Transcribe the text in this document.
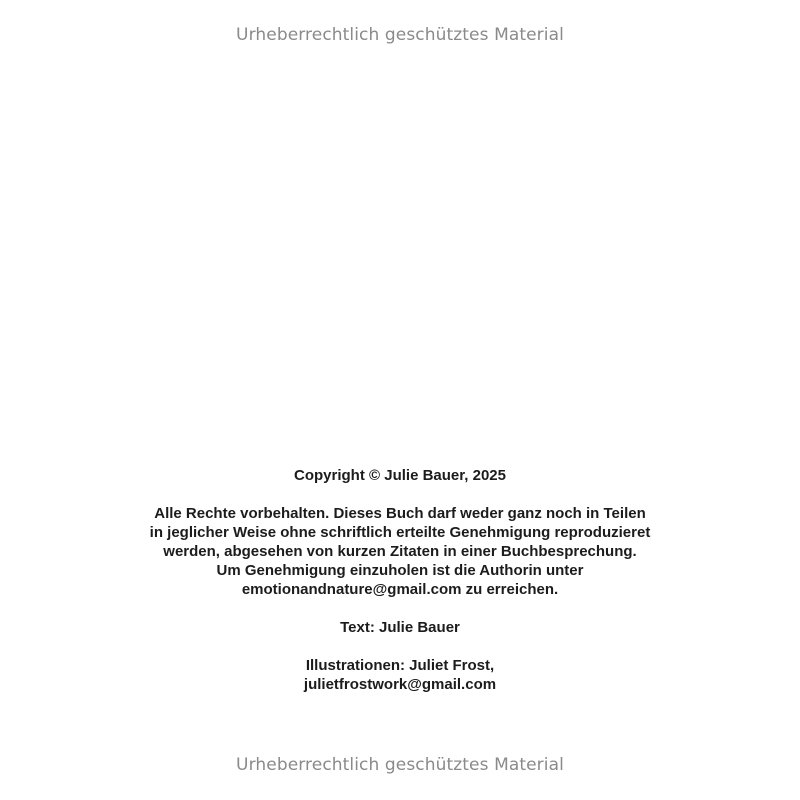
Urheberrechtlich geschütztes Material
Copyright © Julie Bauer, 2025
Alle Rechte vorbehalten. Dieses Buch darf weder ganz noch in Teilen
in jeglicher Weise ohne schriftlich erteilte Genehmigung reproduzieret
werden, abgesehen von kurzen Zitaten in einer Buchbesprechung.
Um Genehmigung einzuholen ist die Authorin unter
emotionandnature@gmail.com zu erreichen.
Text: Julie Bauer
Illustrationen: Juliet Frost,
julietfrostwork@gmail.com
Urheberrechtlich geschütztes Material
